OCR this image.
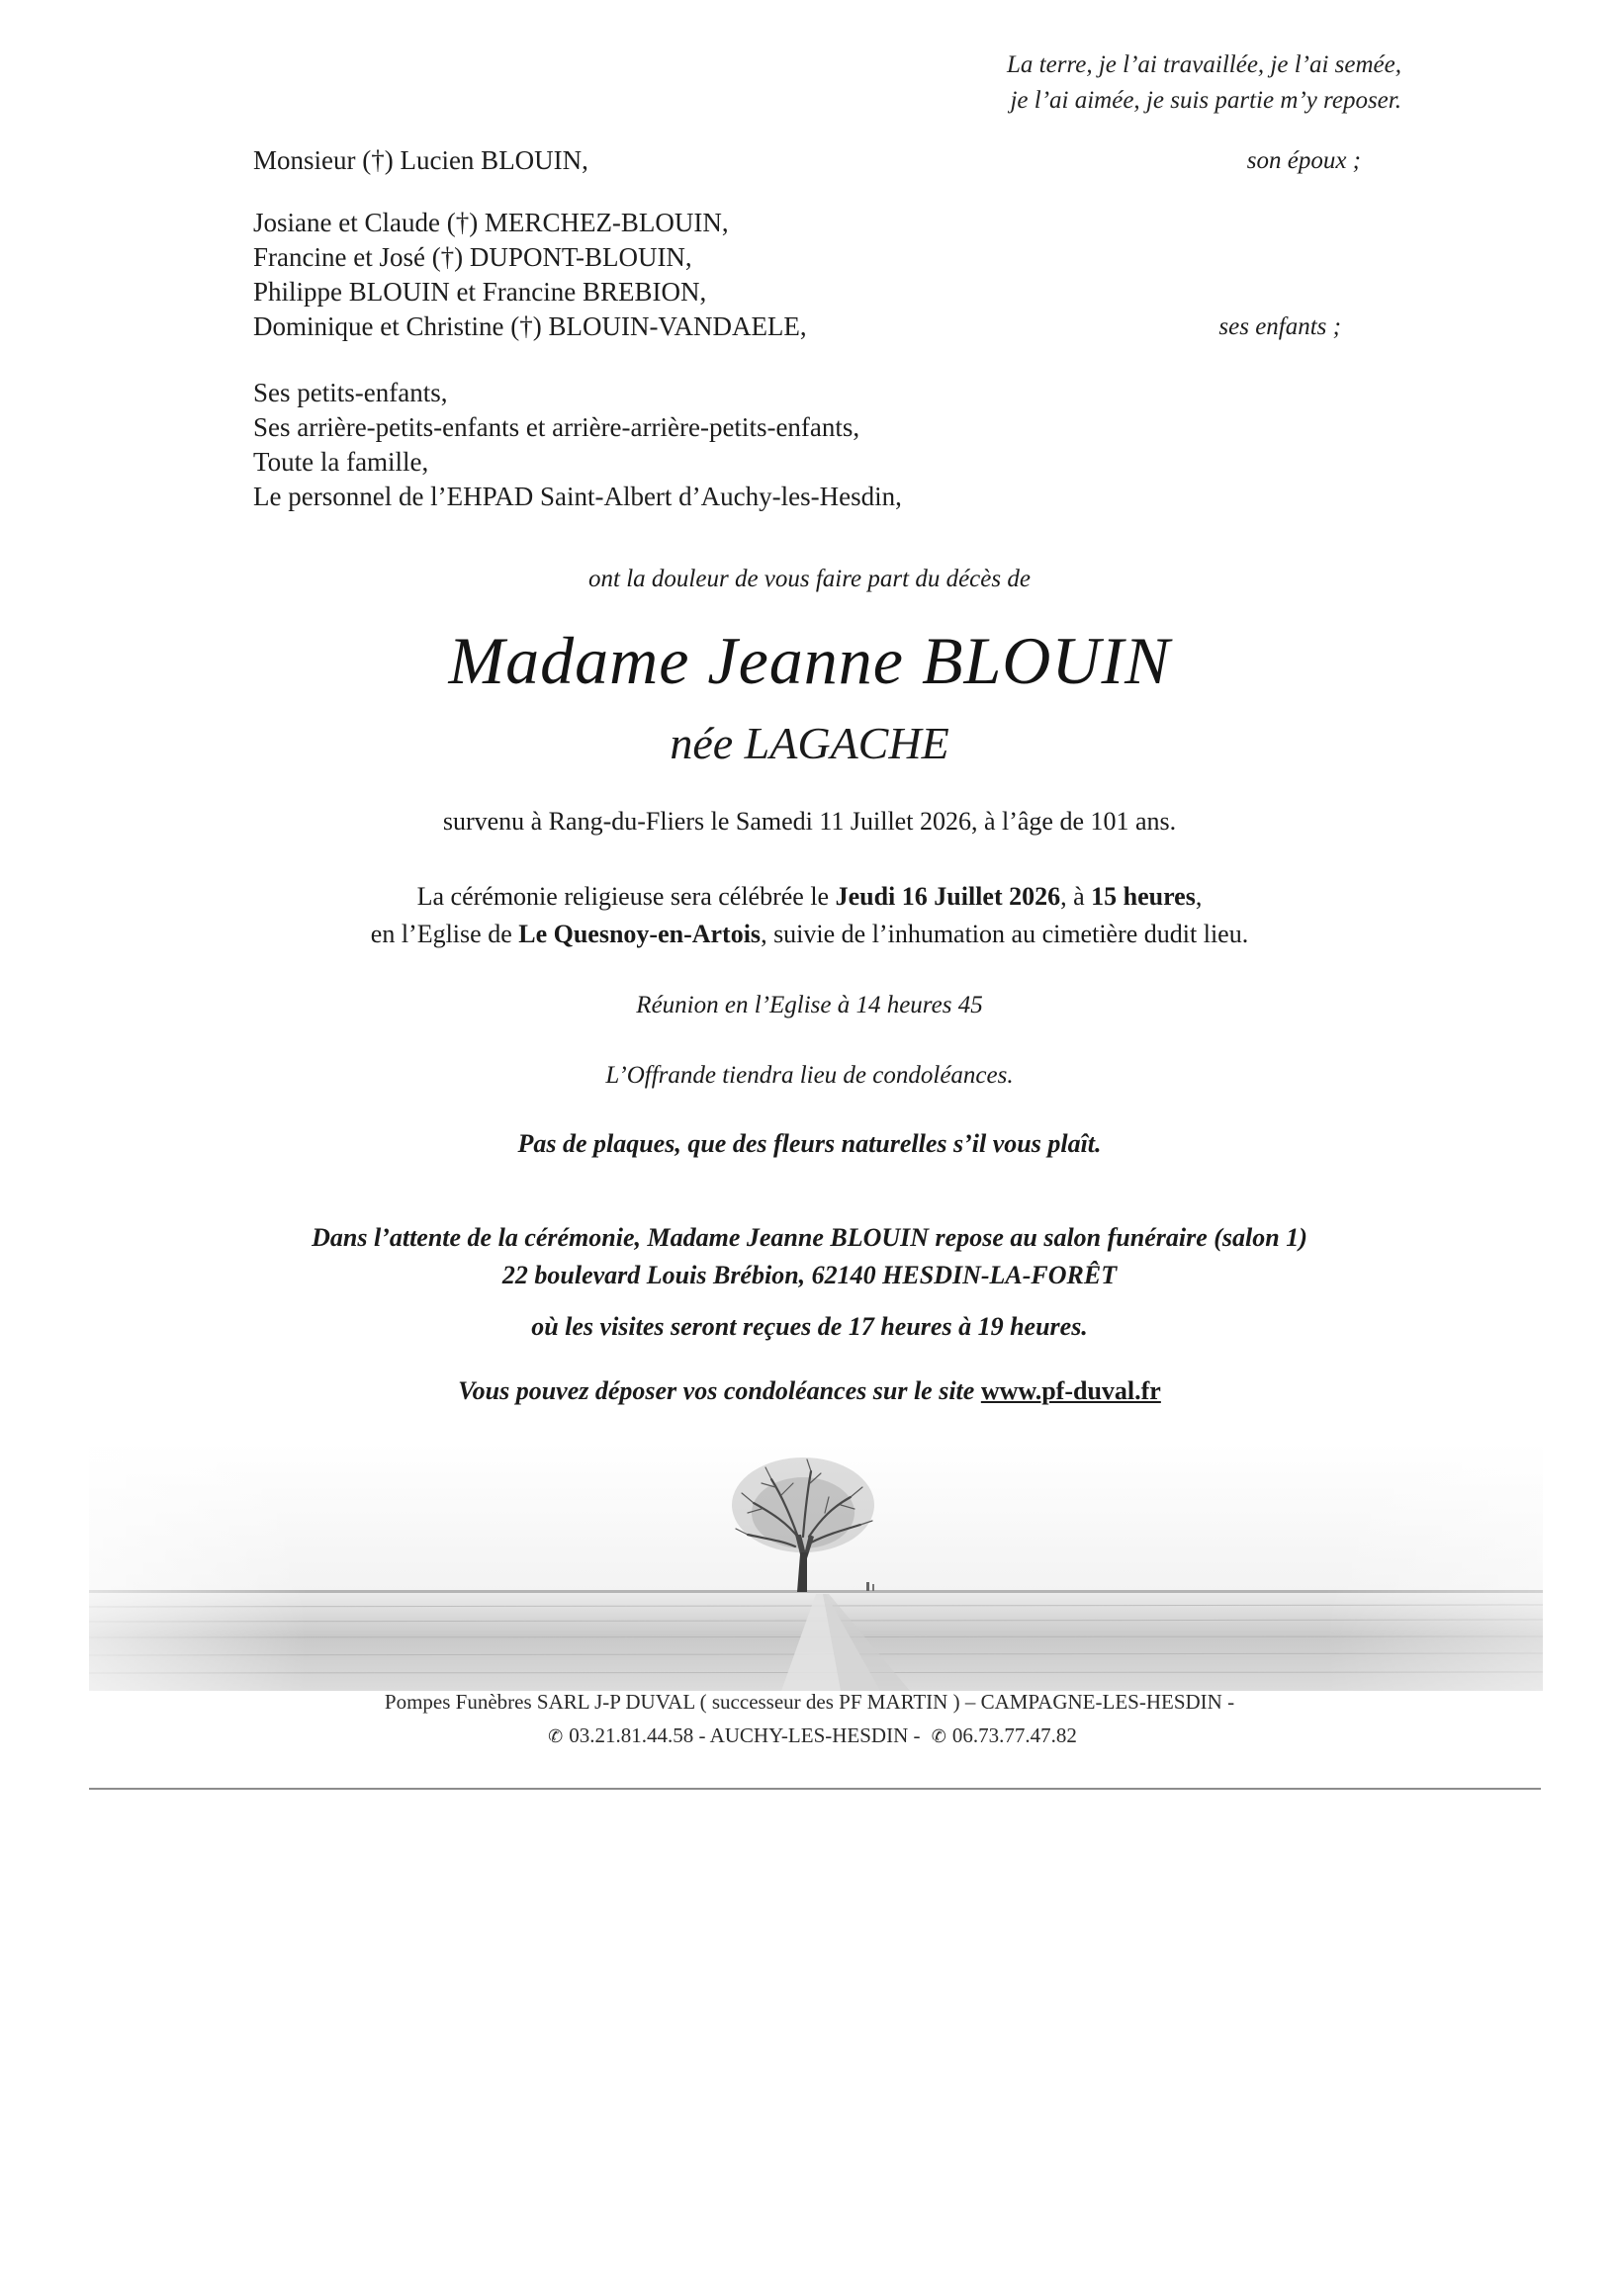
La terre, je l’ai travaillée, je l’ai semée,
je l’ai aimée, je suis partie m’y reposer.
Monsieur (†) Lucien BLOUIN,	son époux ;
Josiane et Claude (†) MERCHEZ-BLOUIN,
Francine et José (†) DUPONT-BLOUIN,
Philippe BLOUIN et Francine BREBION,
Dominique et Christine (†) BLOUIN-VANDAELE,	ses enfants ;
Ses petits-enfants,
Ses arrière-petits-enfants et arrière-arrière-petits-enfants,
Toute la famille,
Le personnel de l’EHPAD Saint-Albert d’Auchy-les-Hesdin,
ont la douleur de vous faire part du décès de
Madame Jeanne BLOUIN
née LAGACHE
survenu à Rang-du-Fliers le Samedi 11 Juillet 2026, à l’âge de 101 ans.
La cérémonie religieuse sera célébrée le Jeudi 16 Juillet 2026, à 15 heures,
en l’Eglise de Le Quesnoy-en-Artois, suivie de l’inhumation au cimetière dudit lieu.
Réunion en l’Eglise à 14 heures 45
L’Offrande tiendra lieu de condoléances.
Pas de plaques, que des fleurs naturelles s’il vous plaît.
Dans l’attente de la cérémonie, Madame Jeanne BLOUIN repose au salon funéraire (salon 1)
22 boulevard Louis Brébion, 62140 HESDIN-LA-FORÊT
où les visites seront reçues de 17 heures à 19 heures.
Vous pouvez déposer vos condoléances sur le site www.pf-duval.fr
Pompes Funèbres SARL J-P DUVAL ( successeur des PF MARTIN ) – CAMPAGNE-LES-HESDIN -
✆ 03.21.81.44.58 - AUCHY-LES-HESDIN - ✆ 06.73.77.47.82
